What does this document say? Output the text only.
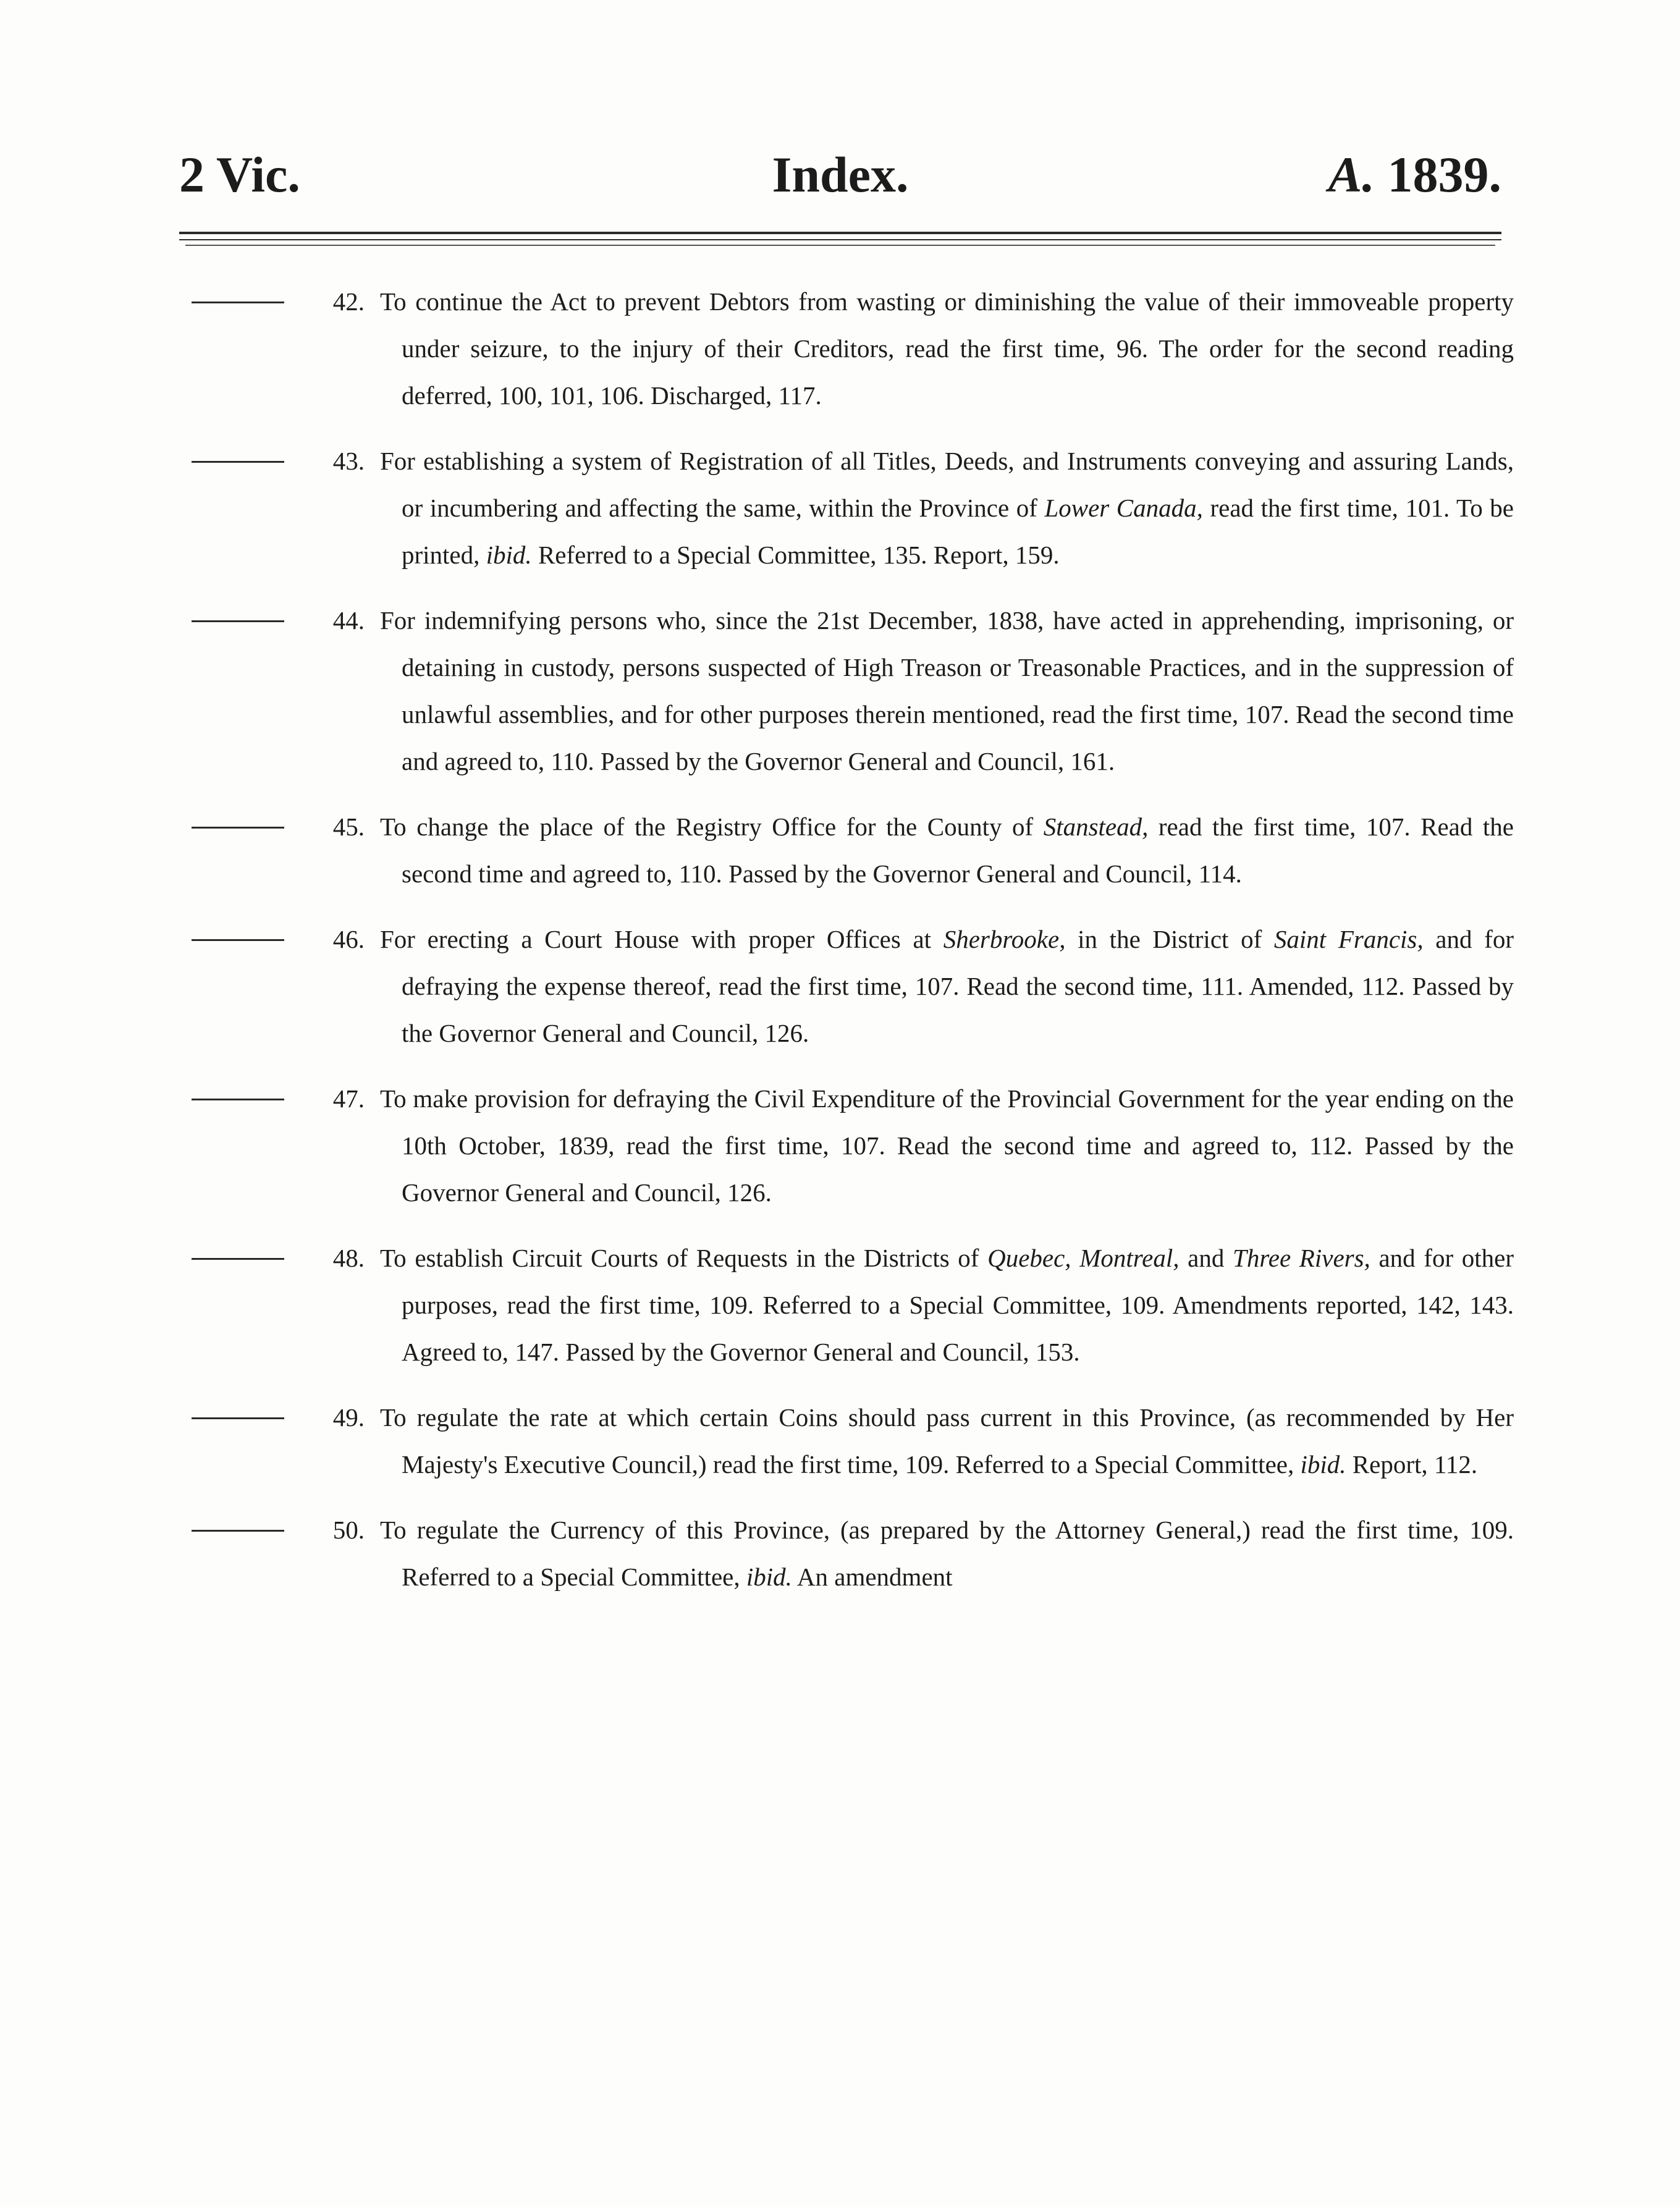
2 Vic.	Index.	A. 1839.
42. To continue the Act to prevent Debtors from wasting or diminishing the value of their immoveable property under seizure, to the injury of their Creditors, read the first time, 96. The order for the second reading deferred, 100, 101, 106. Discharged, 117.
43. For establishing a system of Registration of all Titles, Deeds, and Instruments conveying and assuring Lands, or incumbering and affecting the same, within the Province of Lower Canada, read the first time, 101. To be printed, ibid. Referred to a Special Committee, 135. Report, 159.
44. For indemnifying persons who, since the 21st December, 1838, have acted in apprehending, imprisoning, or detaining in custody, persons suspected of High Treason or Treasonable Practices, and in the suppression of unlawful assemblies, and for other purposes therein mentioned, read the first time, 107. Read the second time and agreed to, 110. Passed by the Governor General and Council, 161.
45. To change the place of the Registry Office for the County of Stanstead, read the first time, 107. Read the second time and agreed to, 110. Passed by the Governor General and Council, 114.
46. For erecting a Court House with proper Offices at Sherbrooke, in the District of Saint Francis, and for defraying the expense thereof, read the first time, 107. Read the second time, 111. Amended, 112. Passed by the Governor General and Council, 126.
47. To make provision for defraying the Civil Expenditure of the Provincial Government for the year ending on the 10th October, 1839, read the first time, 107. Read the second time and agreed to, 112. Passed by the Governor General and Council, 126.
48. To establish Circuit Courts of Requests in the Districts of Quebec, Montreal, and Three Rivers, and for other purposes, read the first time, 109. Referred to a Special Committee, 109. Amendments reported, 142, 143. Agreed to, 147. Passed by the Governor General and Council, 153.
49. To regulate the rate at which certain Coins should pass current in this Province, (as recommended by Her Majesty's Executive Council,) read the first time, 109. Referred to a Special Committee, ibid. Report, 112.
50. To regulate the Currency of this Province, (as prepared by the Attorney General,) read the first time, 109. Referred to a Special Committee, ibid. An amendment
